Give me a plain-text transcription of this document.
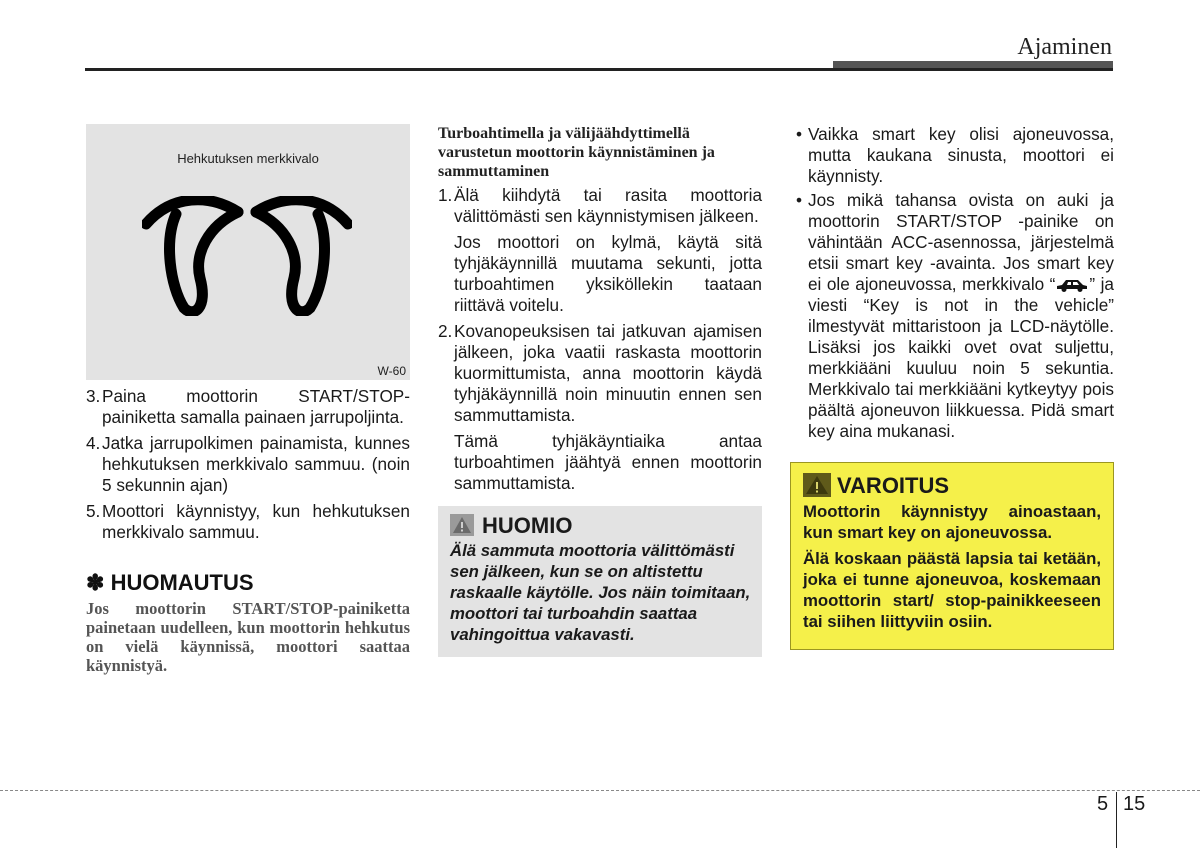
Ajaminen
Hehkutuksen merkkivalo
W-60
3. Paina moottorin START/STOP-painiketta samalla painaen jarrupoljinta.
4. Jatka jarrupolkimen painamista, kunnes hehkutuksen merkkivalo sammuu. (noin 5 sekunnin ajan)
5. Moottori käynnistyy, kun hehkutuksen merkkivalo sammuu.
✽ HUOMAUTUS
Jos moottorin START/STOP-painiketta painetaan uudelleen, kun moottorin hehkutus on vielä käynnissä, moottori saattaa käynnistyä.
Turboahtimella ja välijäähdyttimellä varustetun moottorin käynnistäminen ja sammuttaminen
1. Älä kiihdytä tai rasita moottoria välittömästi sen käynnistymisen jälkeen.
Jos moottori on kylmä, käytä sitä tyhjäkäynnillä muutama sekunti, jotta turboahtimen yksiköllekin taataan riittävä voitelu.
2. Kovanopeuksisen tai jatkuvan ajamisen jälkeen, joka vaatii raskasta moottorin kuormittumista, anna moottorin käydä tyhjäkäynnillä noin minuutin ennen sen sammuttamista.
Tämä tyhjäkäyntiaika antaa turboahtimen jäähtyä ennen moottorin sammuttamista.
HUOMIO
Älä sammuta moottoria välittömästi sen jälkeen, kun se on altistettu raskaalle käytölle. Jos näin toimitaan, moottori tai turboahdin saattaa vahingoittua vakavasti.
• Vaikka smart key olisi ajoneuvossa, mutta kaukana sinusta, moottori ei käynnisty.
• Jos mikä tahansa ovista on auki ja moottorin START/STOP -painike on vähintään ACC-asennossa, järjestelmä etsii smart key -avainta. Jos smart key ei ole ajoneuvossa, merkkivalo “ ” ja viesti “Key is not in the vehicle” ilmestyvät mittaristoon ja LCD-näytölle. Lisäksi jos kaikki ovet ovat suljettu, merkkiääni kuuluu noin 5 sekuntia. Merkkivalo tai merkkiääni kytkeytyy pois päältä ajoneuvon liikkuessa. Pidä smart key aina mukanasi.
VAROITUS

Moottorin käynnistyy ainoastaan, kun smart key on ajoneuvossa.

Älä koskaan päästä lapsia tai ketään, joka ei tunne ajoneuvoa, koskemaan moottorin start/ stop-painikkeeseen tai siihen liittyviin osiin.

5 15
